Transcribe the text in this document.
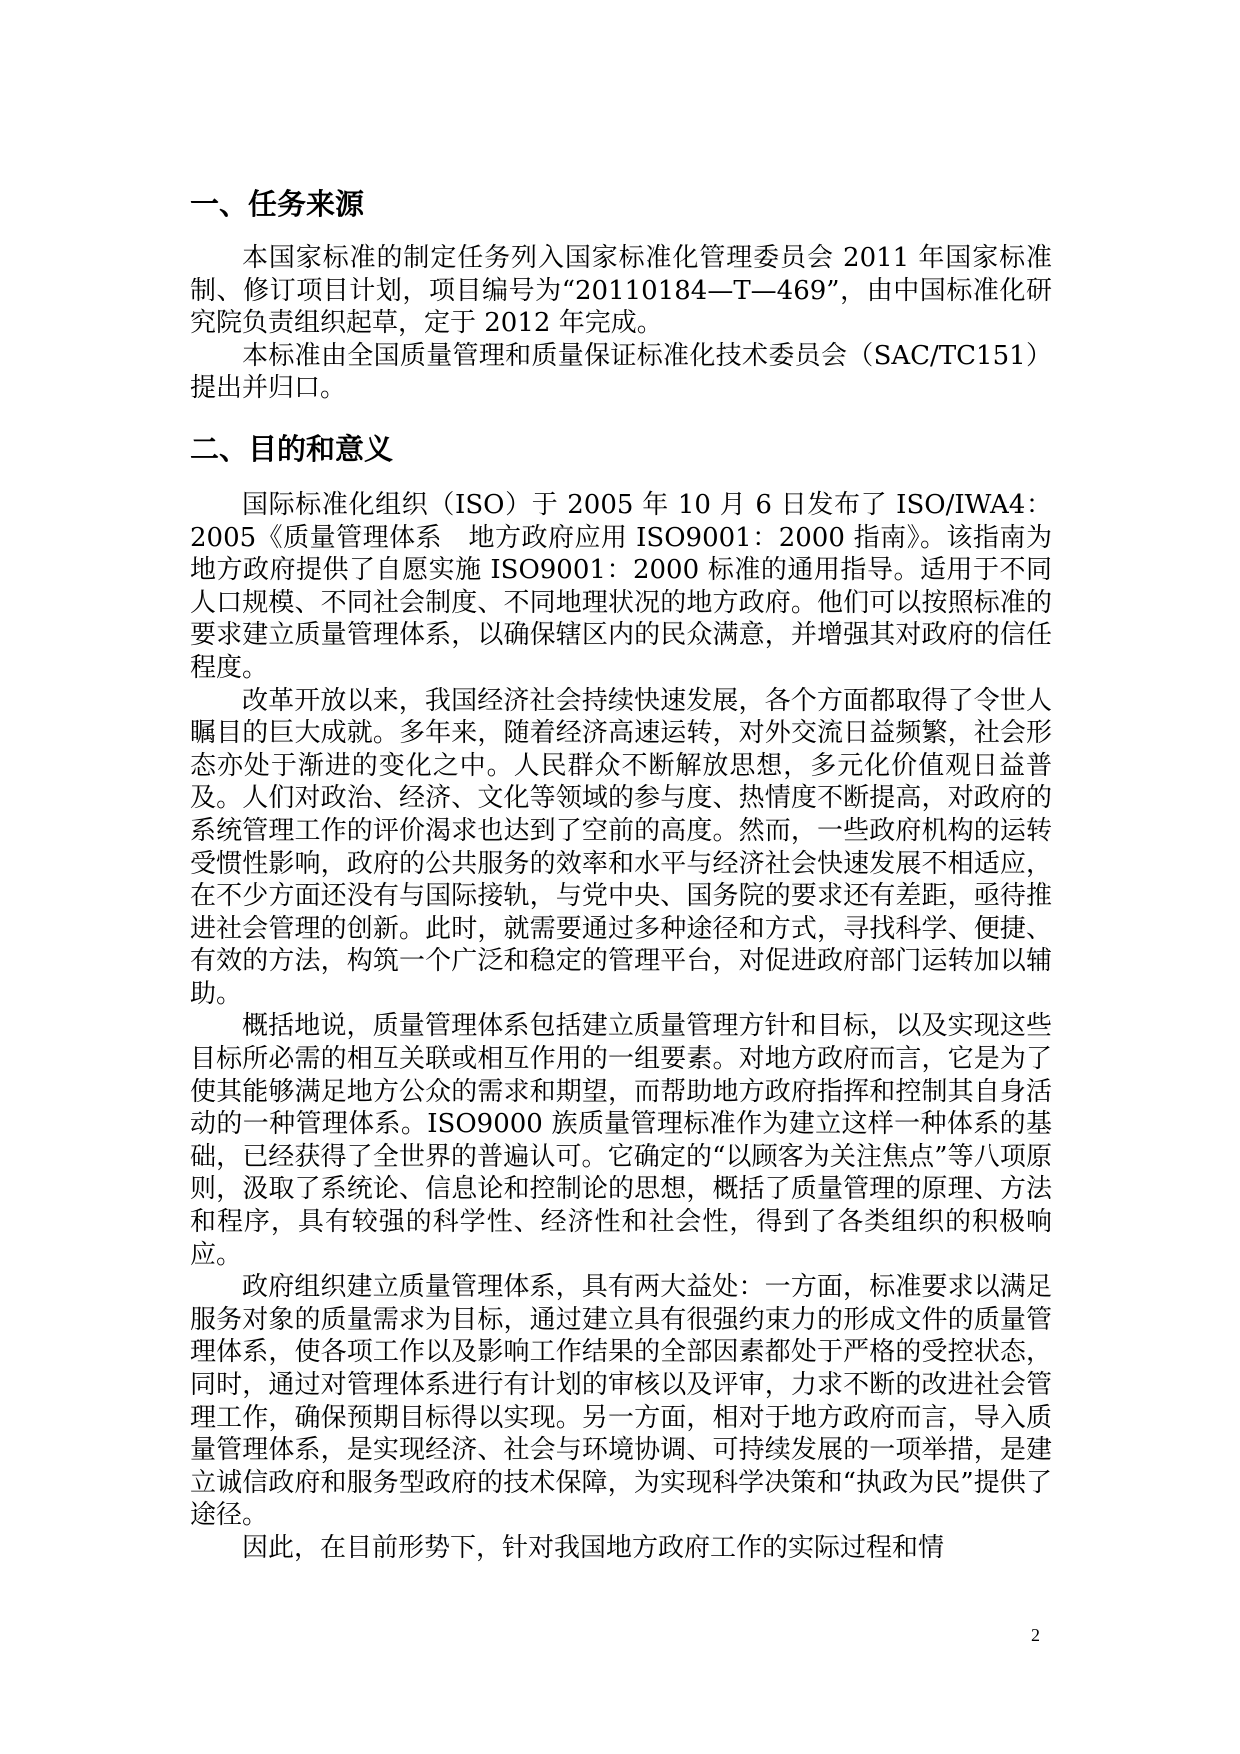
一、任务来源

本国家标准的制定任务列入国家标准化管理委员会 2011 年国家标准制、修订项目计划，项目编号为“20110184—T—469”，由中国标准化研究院负责组织起草，定于 2012 年完成。

本标准由全国质量管理和质量保证标准化技术委员会（SAC/TC151）提出并归口。

二、目的和意义

国际标准化组织（ISO）于 2005 年 10 月 6 日发布了 ISO/IWA4：2005《质量管理体系　地方政府应用 ISO9001：2000 指南》。该指南为地方政府提供了自愿实施 ISO9001：2000 标准的通用指导。适用于不同人口规模、不同社会制度、不同地理状况的地方政府。他们可以按照标准的要求建立质量管理体系，以确保辖区内的民众满意，并增强其对政府的信任程度。

改革开放以来，我国经济社会持续快速发展，各个方面都取得了令世人瞩目的巨大成就。多年来，随着经济高速运转，对外交流日益频繁，社会形态亦处于渐进的变化之中。人民群众不断解放思想，多元化价值观日益普及。人们对政治、经济、文化等领域的参与度、热情度不断提高，对政府的系统管理工作的评价渴求也达到了空前的高度。然而，一些政府机构的运转受惯性影响，政府的公共服务的效率和水平与经济社会快速发展不相适应，在不少方面还没有与国际接轨，与党中央、国务院的要求还有差距，亟待推进社会管理的创新。此时，就需要通过多种途径和方式，寻找科学、便捷、有效的方法，构筑一个广泛和稳定的管理平台，对促进政府部门运转加以辅助。

概括地说，质量管理体系包括建立质量管理方针和目标，以及实现这些目标所必需的相互关联或相互作用的一组要素。对地方政府而言，它是为了使其能够满足地方公众的需求和期望，而帮助地方政府指挥和控制其自身活动的一种管理体系。ISO9000 族质量管理标准作为建立这样一种体系的基础，已经获得了全世界的普遍认可。它确定的“以顾客为关注焦点”等八项原则，汲取了系统论、信息论和控制论的思想，概括了质量管理的原理、方法和程序，具有较强的科学性、经济性和社会性，得到了各类组织的积极响应。

政府组织建立质量管理体系，具有两大益处：一方面，标准要求以满足服务对象的质量需求为目标，通过建立具有很强约束力的形成文件的质量管理体系，使各项工作以及影响工作结果的全部因素都处于严格的受控状态，同时，通过对管理体系进行有计划的审核以及评审，力求不断的改进社会管理工作，确保预期目标得以实现。另一方面，相对于地方政府而言，导入质量管理体系，是实现经济、社会与环境协调、可持续发展的一项举措，是建立诚信政府和服务型政府的技术保障，为实现科学决策和“执政为民”提供了途径。

因此，在目前形势下，针对我国地方政府工作的实际过程和情

2
